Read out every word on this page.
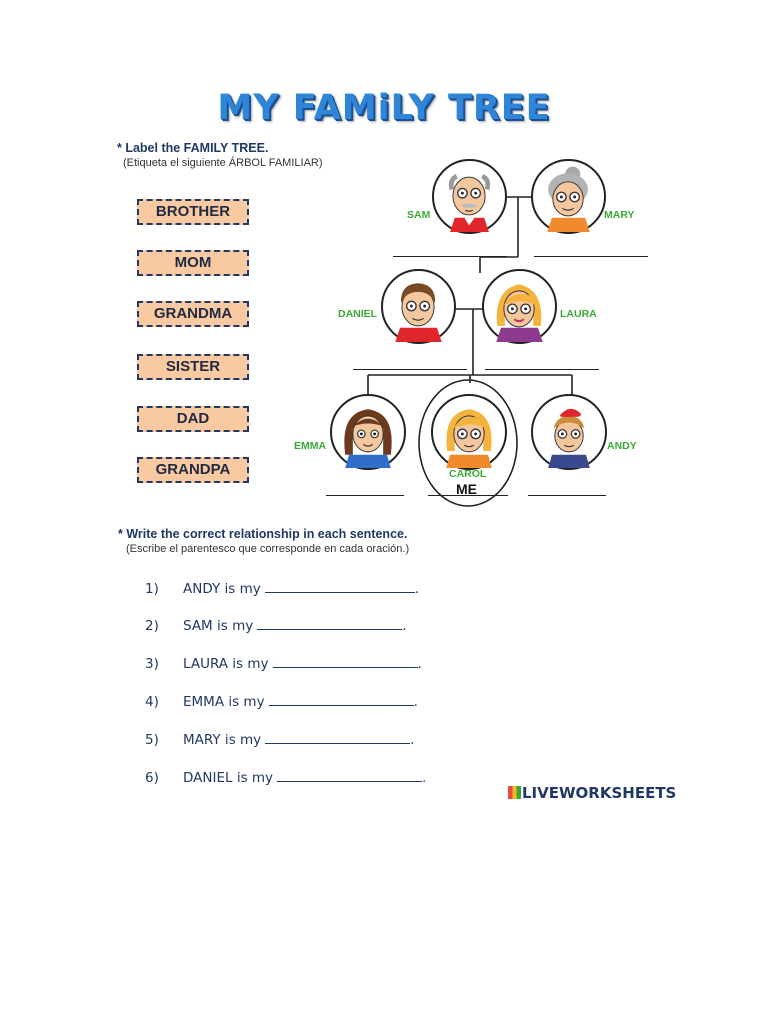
MY FAMiLY TREE
* Label the FAMILY TREE.
(Etiqueta el siguiente ÁRBOL FAMILIAR)
BROTHER
MOM
GRANDMA
SISTER
DAD
GRANDPA
SAM	MARY
DANIEL	LAURA
EMMA
CAROL
ANDY
ME
* Write the correct relationship in each sentence.
(Escribe el parentesco que corresponde en cada oración.)
1) ANDY is my	.
2) SAM is my	.
3) LAURA is my	.
4) EMMA is my	.
5) MARY is my	.
6) DANIEL is my	.
LIVEWORKSHEETS
